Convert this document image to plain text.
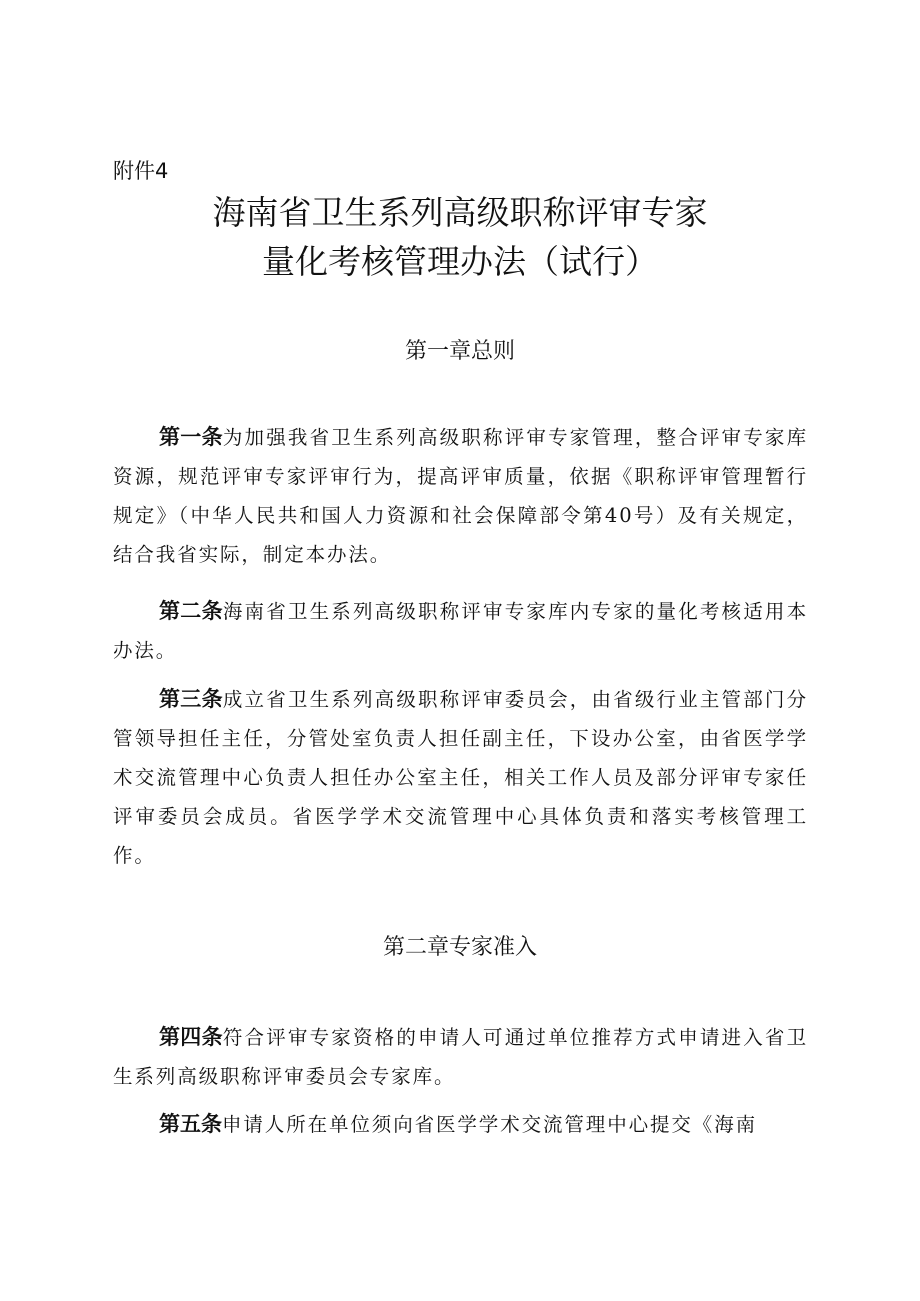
附件4
海南省卫生系列高级职称评审专家
量化考核管理办法（试行）
第一章总则

第一条为加强我省卫生系列高级职称评审专家管理，整合评审专家库资源，规范评审专家评审行为，提高评审质量，依据《职称评审管理暂行规定》（中华人民共和国人力资源和社会保障部令第40号）及有关规定，结合我省实际，制定本办法。

第二条海南省卫生系列高级职称评审专家库内专家的量化考核适用本办法。

第三条成立省卫生系列高级职称评审委员会，由省级行业主管部门分管领导担任主任，分管处室负责人担任副主任，下设办公室，由省医学学术交流管理中心负责人担任办公室主任，相关工作人员及部分评审专家任评审委员会成员。省医学学术交流管理中心具体负责和落实考核管理工作。

第二章专家准入

第四条符合评审专家资格的申请人可通过单位推荐方式申请进入省卫生系列高级职称评审委员会专家库。

第五条申请人所在单位须向省医学学术交流管理中心提交《海南
